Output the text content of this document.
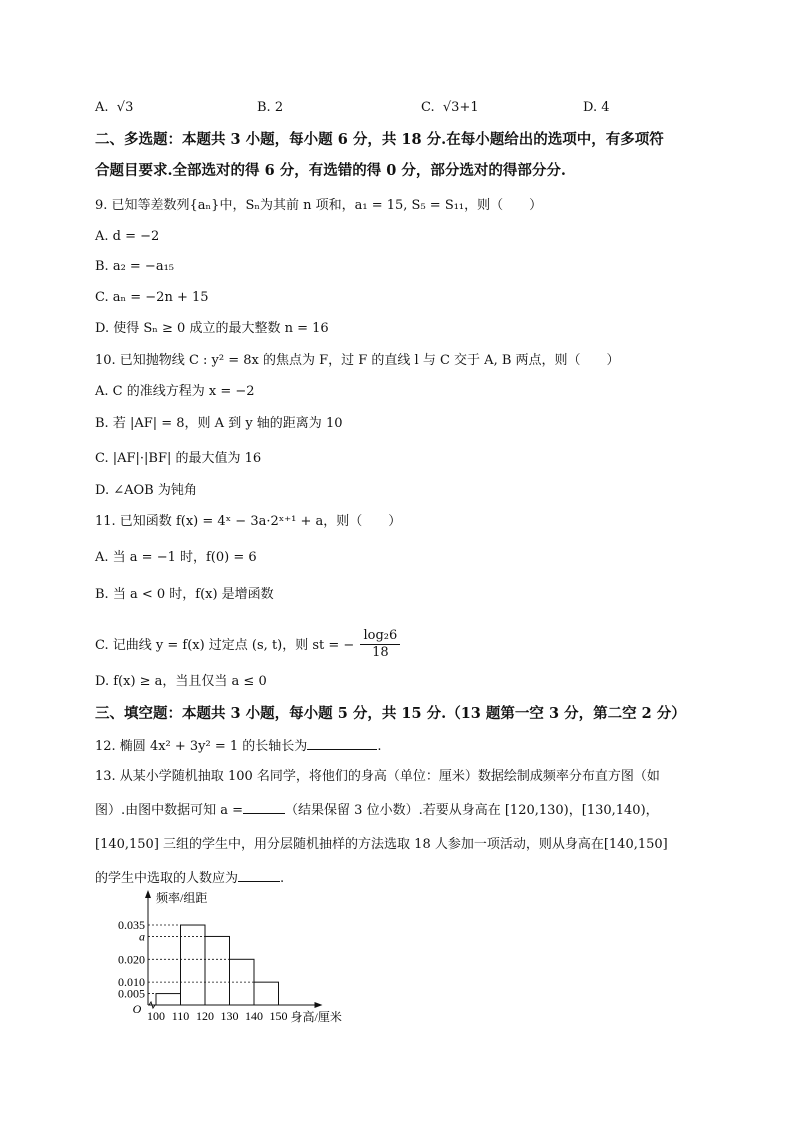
A. √3	B. 2	C. √3+1	D. 4
二、多选题：本题共 3 小题，每小题 6 分，共 18 分.在每小题给出的选项中，有多项符
合题目要求.全部选对的得 6 分，有选错的得 0 分，部分选对的得部分分.
9. 已知等差数列{aₙ}中，Sₙ为其前 n 项和，a₁ = 15, S₅ = S₁₁，则（　　）
A. d = −2
B. a₂ = −a₁₅
C. aₙ = −2n + 15
D. 使得 Sₙ ≥ 0 成立的最大整数 n = 16
10. 已知抛物线 C : y² = 8x 的焦点为 F，过 F 的直线 l 与 C 交于 A, B 两点，则（　　）
A. C 的准线方程为 x = −2
B. 若 |AF| = 8，则 A 到 y 轴的距离为 10
C. |AF|·|BF| 的最大值为 16
D. ∠AOB 为钝角
11. 已知函数 f(x) = 4ˣ − 3a·2ˣ⁺¹ + a，则（　　）
A. 当 a = −1 时，f(0) = 6
B. 当 a < 0 时，f(x) 是增函数
C. 记曲线 y = f(x) 过定点 (s, t)，则 st = − $\frac{\text{log₂6}}{18}$
D. f(x) ≥ a，当且仅当 a ≤ 0
三、填空题：本题共 3 小题，每小题 5 分，共 15 分.（13 题第一空 3 分，第二空 2 分）
12. 椭圆 4x² + 3y² = 1 的长轴长为	.
13. 从某小学随机抽取 100 名同学，将他们的身高（单位：厘米）数据绘制成频率分布直方图（如
图）.由图中数据可知 a =	（结果保留 3 位小数）.若要从身高在 [120,130)，[130,140)，
[140,150] 三组的学生中，用分层随机抽样的方法选取 18 人参加一项活动，则从身高在[140,150]
的学生中选取的人数应为	.
0.005
0.010
0.020
a
0.035
100 110 120 130 140 150
O
频率/组距
身高/厘米
